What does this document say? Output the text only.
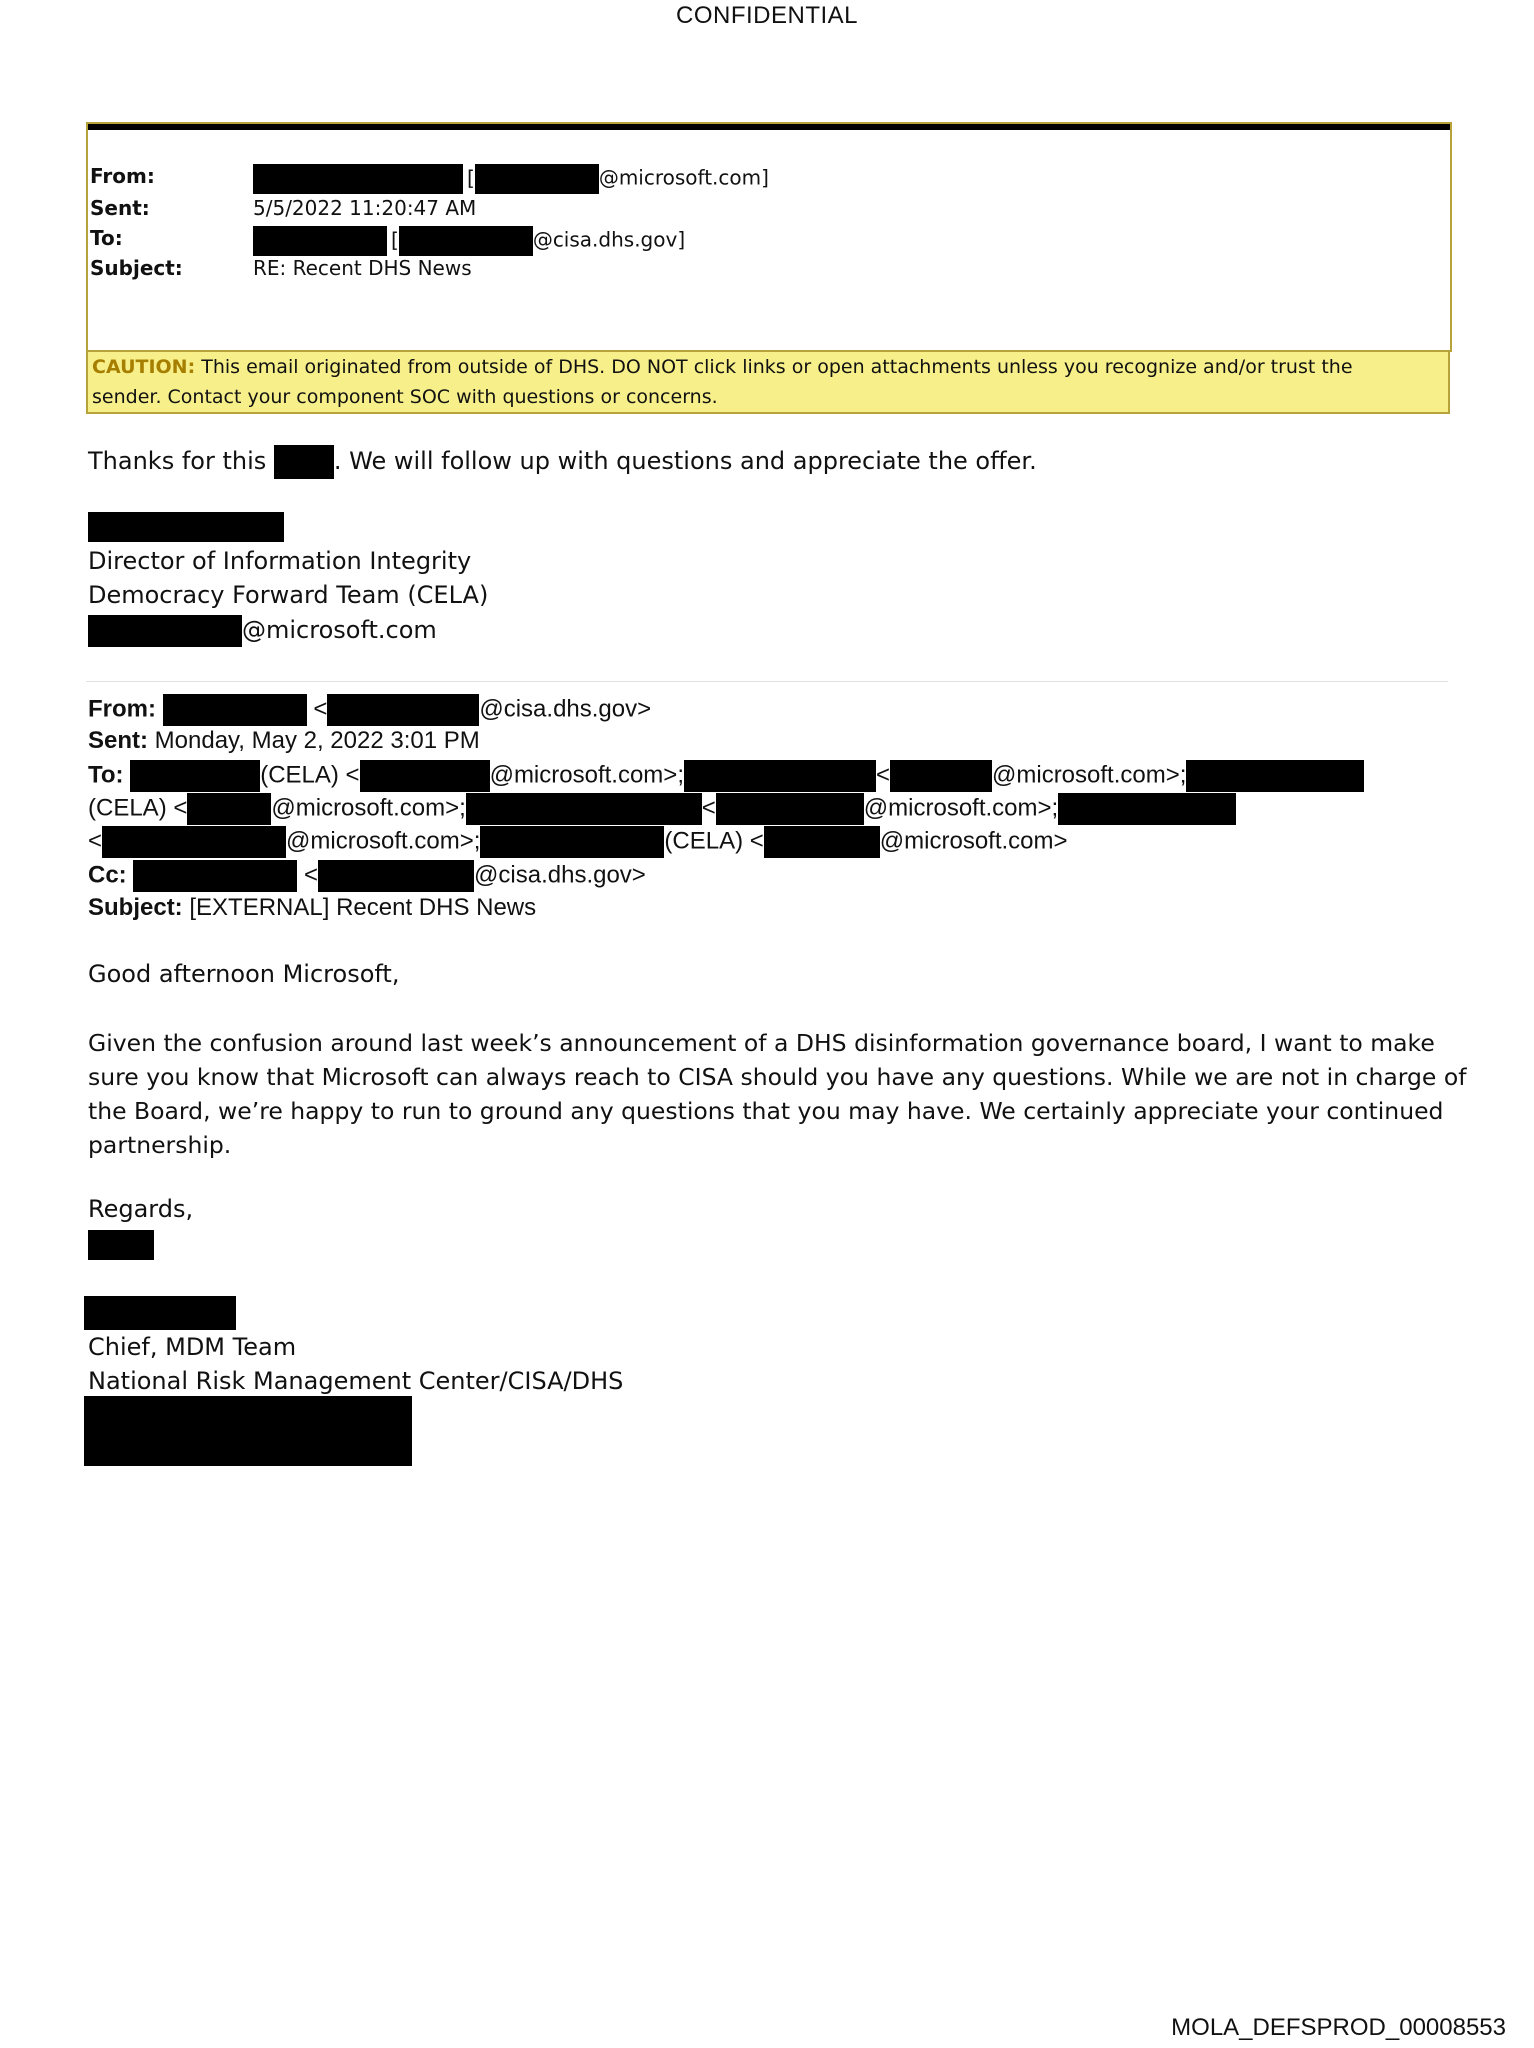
CONFIDENTIAL
From:	[	@microsoft.com]
Sent:	5/5/2022 11:20:47 AM
To:	[	@cisa.dhs.gov]
Subject:	RE: Recent DHS News
CAUTION: This email originated from outside of DHS. DO NOT click links or open attachments unless you recognize and/or trust the
sender. Contact your component SOC with questions or concerns.
Thanks for this	. We will follow up with questions and appreciate the offer.
Director of Information Integrity
Democracy Forward Team (CELA)
@microsoft.com
From:	<	@cisa.dhs.gov>
Sent: Monday, May 2, 2022 3:01 PM
To:	(CELA) <	@microsoft.com>;	<	@microsoft.com>;
(CELA) <	@microsoft.com>;	<	@microsoft.com>;
<	@microsoft.com>;	(CELA) <	@microsoft.com>
Cc:	<	@cisa.dhs.gov>
Subject: [EXTERNAL] Recent DHS News
Good afternoon Microsoft,
Given the confusion around last week’s announcement of a DHS disinformation governance board, I want to make sure you know that Microsoft can always reach to CISA should you have any questions. While we are not in charge of the Board, we’re happy to run to ground any questions that you may have. We certainly appreciate your continued partnership.
Regards,
Chief, MDM Team
National Risk Management Center/CISA/DHS
MOLA_DEFSPROD_00008553
